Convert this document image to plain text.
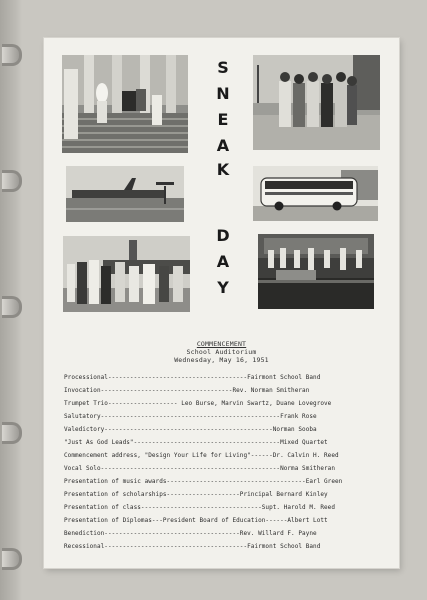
S
N
E
A
K
D
A
Y
COMMENCEMENT
School Auditorium
Wednesday, May 16, 1951
Processional--------------------------------------Fairmont School Band
Invocation------------------------------------Rev. Norman Smitheran
Trumpet Trio------------------- Leo Burse, Marvin Swartz, Duane Lovegrove
Salutatory-------------------------------------------------Frank Rose
Valedictory----------------------------------------------Norman Sooba
"Just As God Leads"----------------------------------------Mixed Quartet
Commencement address, "Design Your Life for Living"------Dr. Calvin H. Reed
Vocal Solo-------------------------------------------------Norma Smitheran
Presentation of music awards--------------------------------------Earl Green
Presentation of scholarships--------------------Principal Bernard Kinley
Presentation of class---------------------------------Supt. Harold M. Reed
Presentation of Diplomas---President Board of Education------Albert Lott
Benediction-------------------------------------Rev. Willard F. Payne
Recessional---------------------------------------Fairmont School Band
